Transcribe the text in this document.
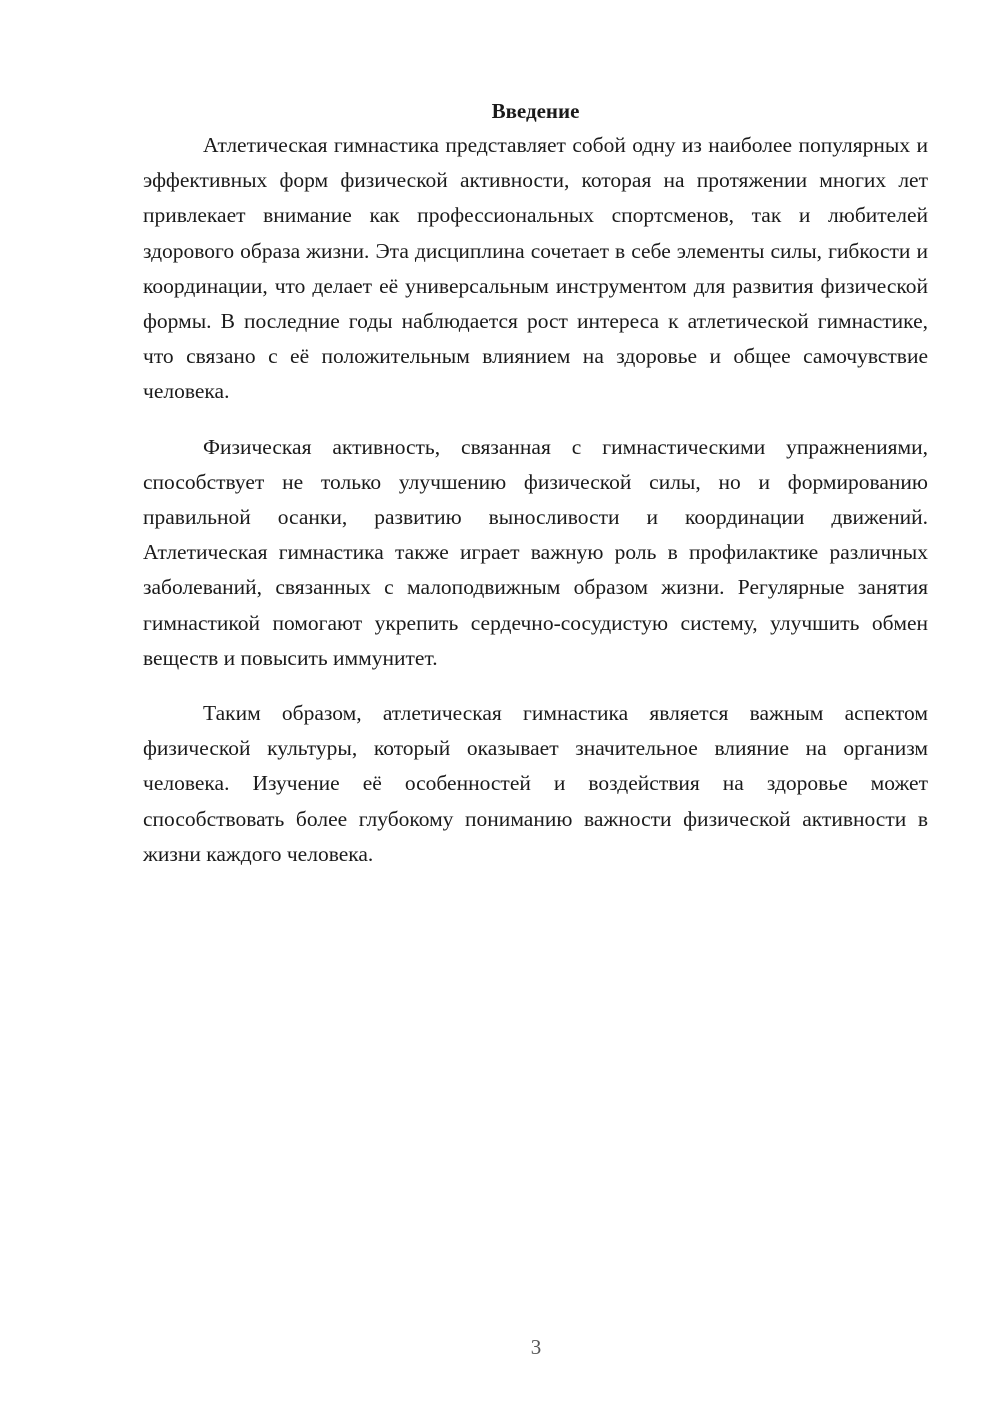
Введение

Атлетическая гимнастика представляет собой одну из наиболее популярных и эффективных форм физической активности, которая на протяжении многих лет привлекает внимание как профессиональных спортсменов, так и любителей здорового образа жизни. Эта дисциплина сочетает в себе элементы силы, гибкости и координации, что делает её универсальным инструментом для развития физической формы. В последние годы наблюдается рост интереса к атлетической гимнастике, что связано с её положительным влиянием на здоровье и общее самочувствие человека.

Физическая активность, связанная с гимнастическими упражнениями, способствует не только улучшению физической силы, но и формированию правильной осанки, развитию выносливости и координации движений. Атлетическая гимнастика также играет важную роль в профилактике различных заболеваний, связанных с малоподвижным образом жизни. Регулярные занятия гимнастикой помогают укрепить сердечно-сосудистую систему, улучшить обмен веществ и повысить иммунитет.

Таким образом, атлетическая гимнастика является важным аспектом физической культуры, который оказывает значительное влияние на организм человека. Изучение её особенностей и воздействия на здоровье может способствовать более глубокому пониманию важности физической активности в жизни каждого человека.

3
